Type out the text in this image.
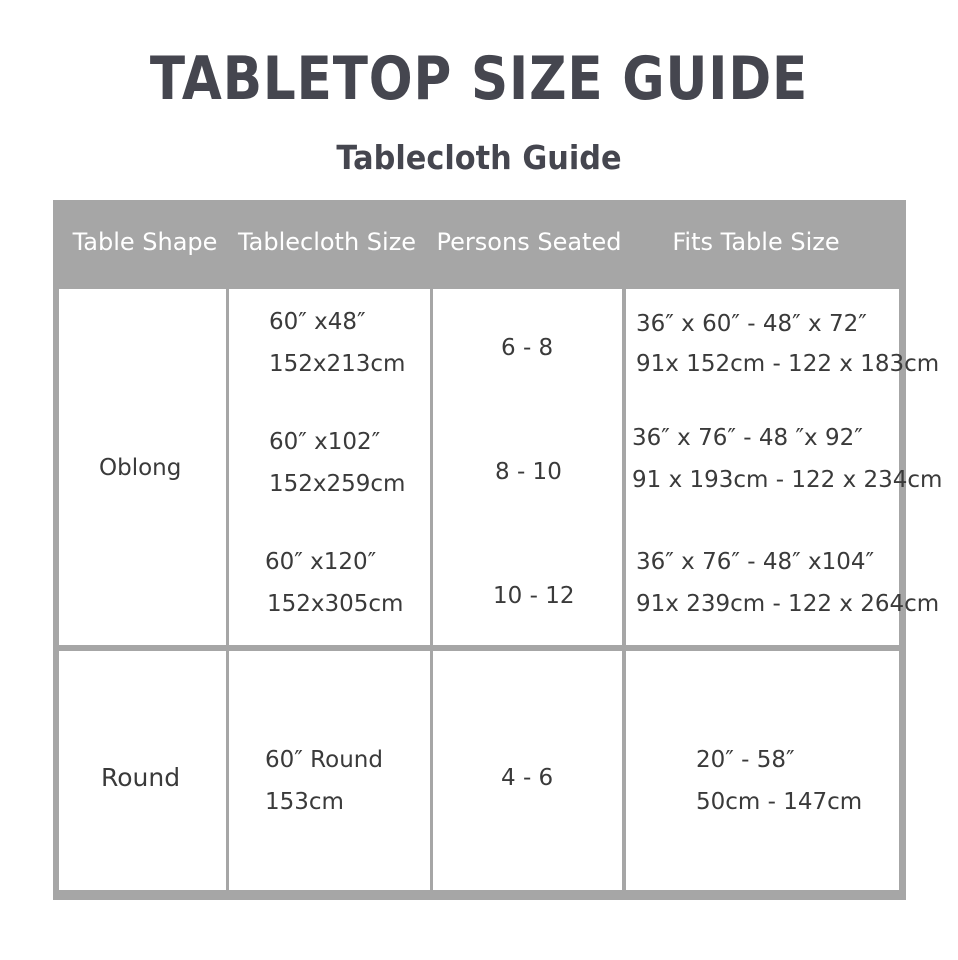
TABLETOP SIZE GUIDE
Tablecloth Guide
Table Shape Tablecloth Size Persons Seated	Fits Table Size
Oblong
60″ x48″
152x213cm
60″ x102″
152x259cm
60″ x120″
152x305cm
6 - 8
8 - 10
10 - 12
36″ x 60″ - 48″ x 72″
91x 152cm - 122 x 183cm
36″ x 76″ - 48 ″x 92″
91 x 193cm - 122 x 234cm
36″ x 76″ - 48″ x104″
91x 239cm - 122 x 264cm
Round
60″ Round
153cm
4 - 6
20″ - 58″
50cm - 147cm
